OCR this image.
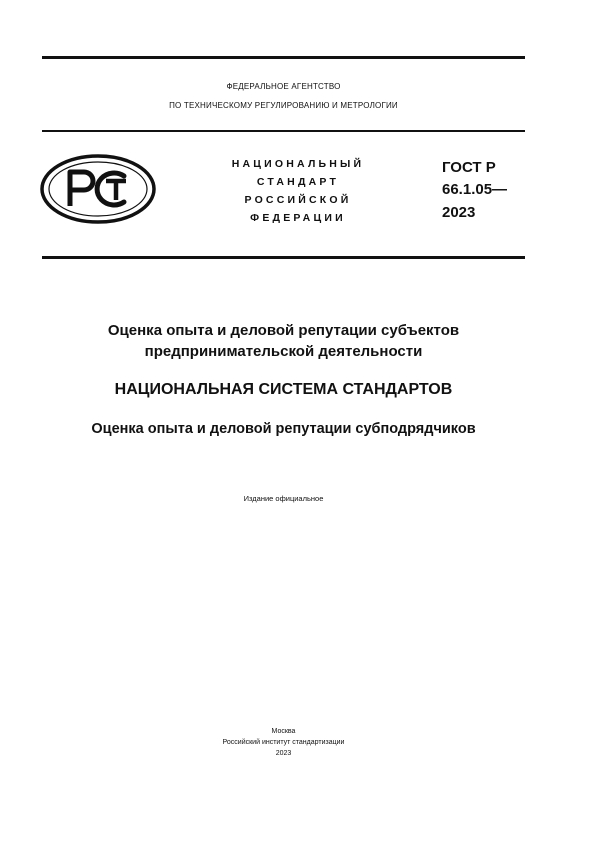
ФЕДЕРАЛЬНОЕ АГЕНТСТВО
ПО ТЕХНИЧЕСКОМУ РЕГУЛИРОВАНИЮ И МЕТРОЛОГИИ
НАЦИОНАЛЬНЫЙ
СТАНДАРТ
РОССИЙСКОЙ
ФЕДЕРАЦИИ
ГОСТ Р
66.1.05—
2023
Оценка опыта и деловой репутации субъектов
предпринимательской деятельности
НАЦИОНАЛЬНАЯ СИСТЕМА СТАНДАРТОВ
Оценка опыта и деловой репутации субподрядчиков
Издание официальное
Москва
Российский институт стандартизации
2023
